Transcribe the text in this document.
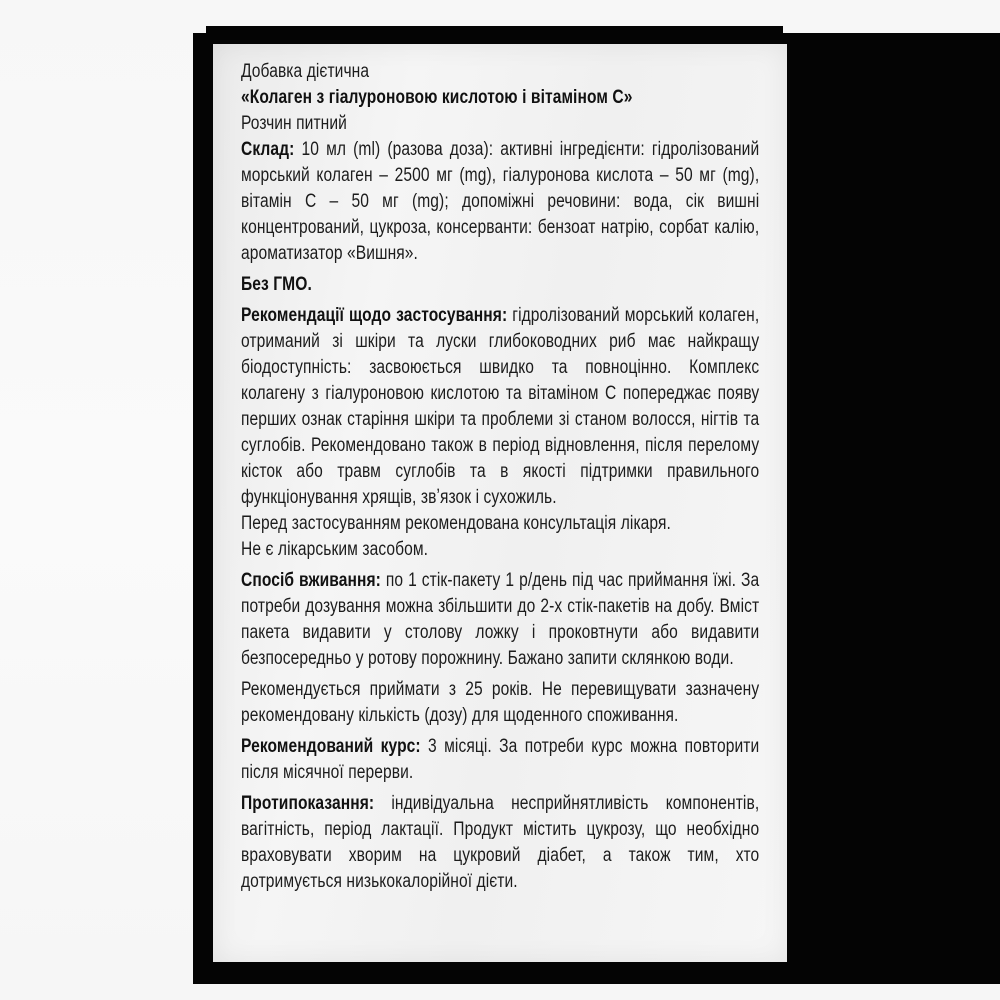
Добавка дієтична

«Колаген з гіалуроновою кислотою і вітаміном С»

Розчин питний

Склад: 10 мл (ml) (разова доза): активні інгредієнти: гідролізований морський колаген – 2500 мг (mg), гіалуронова кислота – 50 мг (mg), вітамін С – 50 мг (mg); допоміжні речовини: вода, сік вишні концентрований, цукроза, консерванти: бензоат натрію, сорбат калію, ароматизатор «Вишня».

Без ГМО.

Рекомендації щодо застосування: гідролізований морський колаген, отриманий зі шкіри та луски глибоководних риб має найкращу біодоступність: засвоюється швидко та повноцінно. Комплекс колагену з гіалуроновою кислотою та вітаміном С попереджає появу перших ознак старіння шкіри та проблеми зі станом волосся, нігтів та суглобів. Рекомендовано також в період відновлення, після перелому кісток або травм суглобів та в якості підтримки правильного функціонування хрящів, звʼязок і сухожиль.

Перед застосуванням рекомендована консультація лікаря.

Не є лікарським засобом.

Спосіб вживання: по 1 стік-пакету 1 р/день під час приймання їжі. За потреби дозування можна збільшити до 2-х стік-пакетів на добу. Вміст пакета видавити у столову ложку і проковтнути або видавити безпосередньо у ротову порожнину. Бажано запити склянкою води.

Рекомендується приймати з 25 років. Не перевищувати зазначену рекомендовану кількість (дозу) для щоденного споживання.

Рекомендований курс: 3 місяці. За потреби курс можна повторити після місячної перерви.

Протипоказання: індивідуальна несприйнятливість компонентів, вагітність, період лактації. Продукт містить цукрозу, що необхідно враховувати хворим на цукровий діабет, а також тим, хто дотримується низькокалорійної дієти.
